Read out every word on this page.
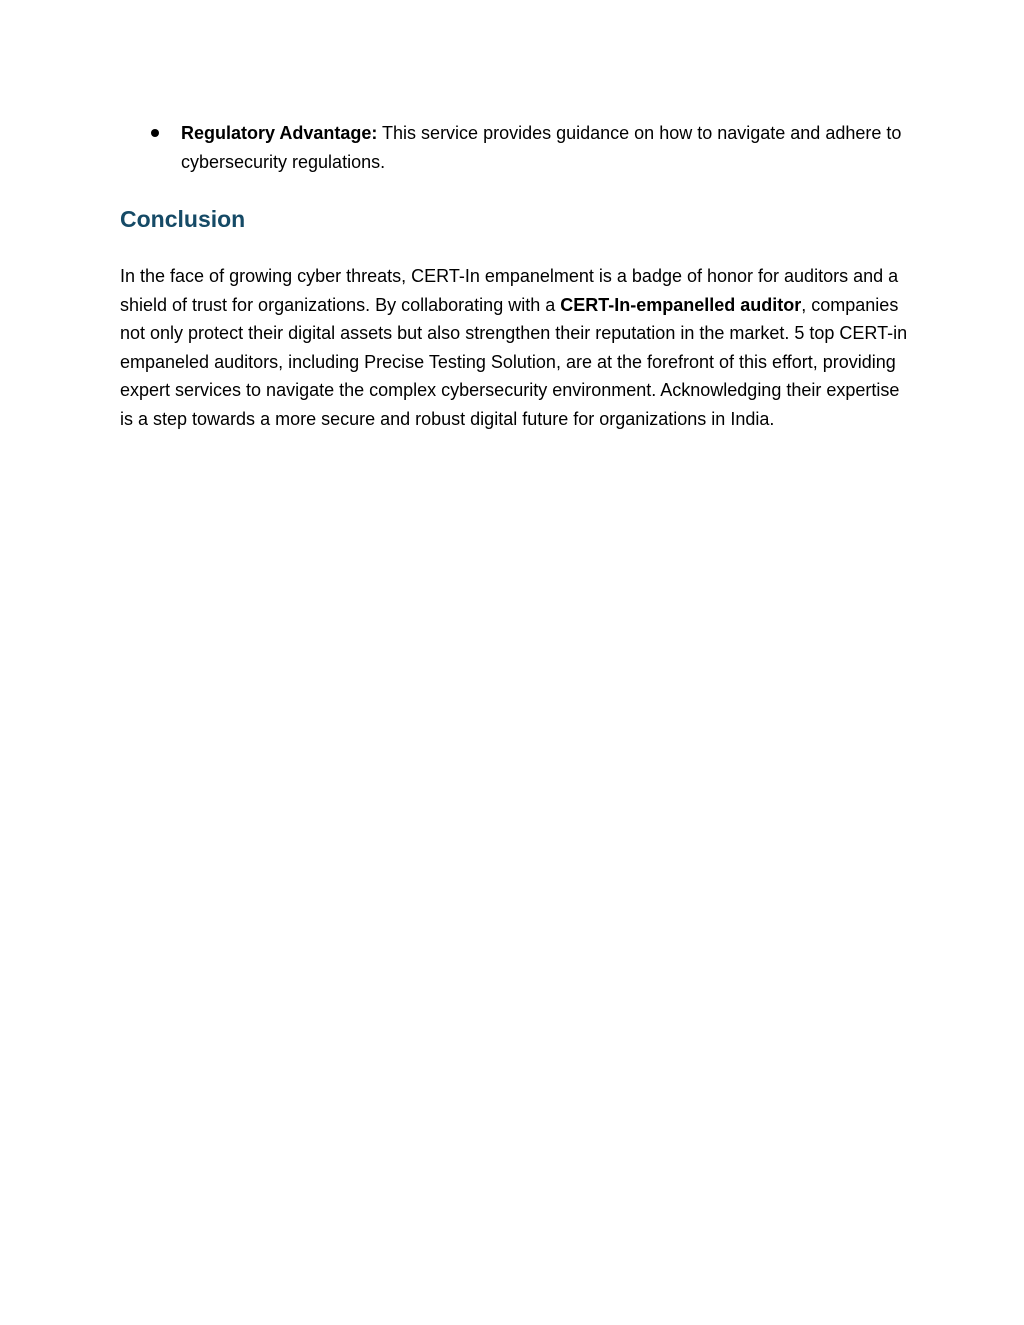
Regulatory Advantage: This service provides guidance on how to navigate and adhere to cybersecurity regulations.
Conclusion

In the face of growing cyber threats, CERT-In empanelment is a badge of honor for auditors and a shield of trust for organizations. By collaborating with a CERT-In-empanelled auditor, companies not only protect their digital assets but also strengthen their reputation in the market. 5 top CERT-in empaneled auditors, including Precise Testing Solution, are at the forefront of this effort, providing expert services to navigate the complex cybersecurity environment. Acknowledging their expertise is a step towards a more secure and robust digital future for organizations in India.
